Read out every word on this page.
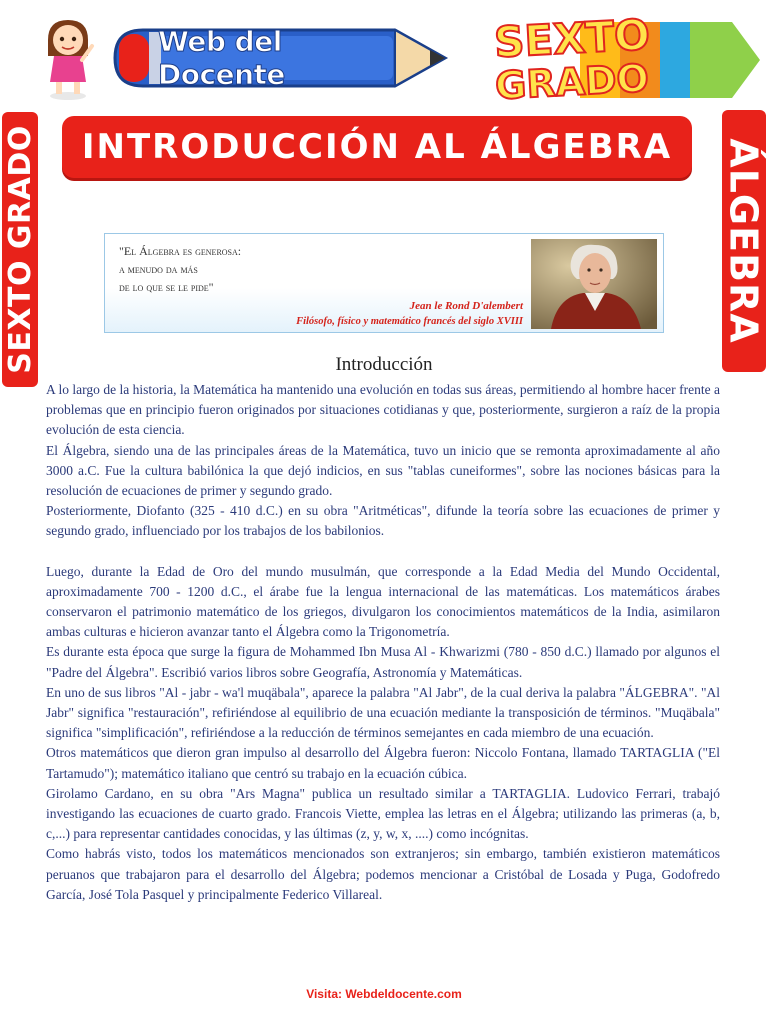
Web del Docente
SEXTO
GRADO
SEXTO GRADO	ÁLGEBRA
INTRODUCCIÓN AL ÁLGEBRA
"El Álgebra es generosa:
a menudo da más
de lo que se le pide"
Jean le Rond D'alembert
Filósofo, físico y matemático francés del siglo XVIII
Introducción

A lo largo de la historia, la Matemática ha mantenido una evolución en todas sus áreas, permitiendo al hombre hacer frente a problemas que en principio fueron originados por situaciones cotidianas y que, posteriormente, surgieron a raíz de la propia evolución de esta ciencia.

El Álgebra, siendo una de las principales áreas de la Matemática, tuvo un inicio que se remonta aproximadamente al año 3000 a.C. Fue la cultura babilónica la que dejó indicios, en sus "tablas cuneiformes", sobre las nociones básicas para la resolución de ecuaciones de primer y segundo grado.

Posteriormente, Diofanto (325 - 410 d.C.) en su obra "Aritméticas", difunde la teoría sobre las ecuaciones de primer y segundo grado, influenciado por los trabajos de los babilonios.

Luego, durante la Edad de Oro del mundo musulmán, que corresponde a la Edad Media del Mundo Occidental, aproximadamente 700 - 1200 d.C., el árabe fue la lengua internacional de las matemáticas. Los matemáticos árabes conservaron el patrimonio matemático de los griegos, divulgaron los conocimientos matemáticos de la India, asimilaron ambas culturas e hicieron avanzar tanto el Álgebra como la Trigonometría.

Es durante esta época que surge la figura de Mohammed Ibn Musa Al - Khwarizmi (780 - 850 d.C.) llamado por algunos el "Padre del Álgebra". Escribió varios libros sobre Geografía, Astronomía y Matemáticas.

En uno de sus libros "Al - jabr - wa'l muqäbala", aparece la palabra "Al Jabr", de la cual deriva la palabra "ÁLGEBRA". "Al Jabr" significa "restauración", refiriéndose al equilibrio de una ecuación mediante la transposición de términos. "Muqäbala" significa "simplificación", refiriéndose a la reducción de términos semejantes en cada miembro de una ecuación.

Otros matemáticos que dieron gran impulso al desarrollo del Álgebra fueron: Niccolo Fontana, llamado TARTAGLIA ("El Tartamudo"); matemático italiano que centró su trabajo en la ecuación cúbica.

Girolamo Cardano, en su obra "Ars Magna" publica un resultado similar a TARTAGLIA. Ludovico Ferrari, trabajó investigando las ecuaciones de cuarto grado. Francois Viette, emplea las letras en el Álgebra; utilizando las primeras (a, b, c,...) para representar cantidades conocidas, y las últimas (z, y, w, x, ....) como incógnitas.

Como habrás visto, todos los matemáticos mencionados son extranjeros; sin embargo, también existieron matemáticos peruanos que trabajaron para el desarrollo del Álgebra; podemos mencionar a Cristóbal de Losada y Puga, Godofredo García, José Tola Pasquel y principalmente Federico Villareal.

Visita: Webdeldocente.com
